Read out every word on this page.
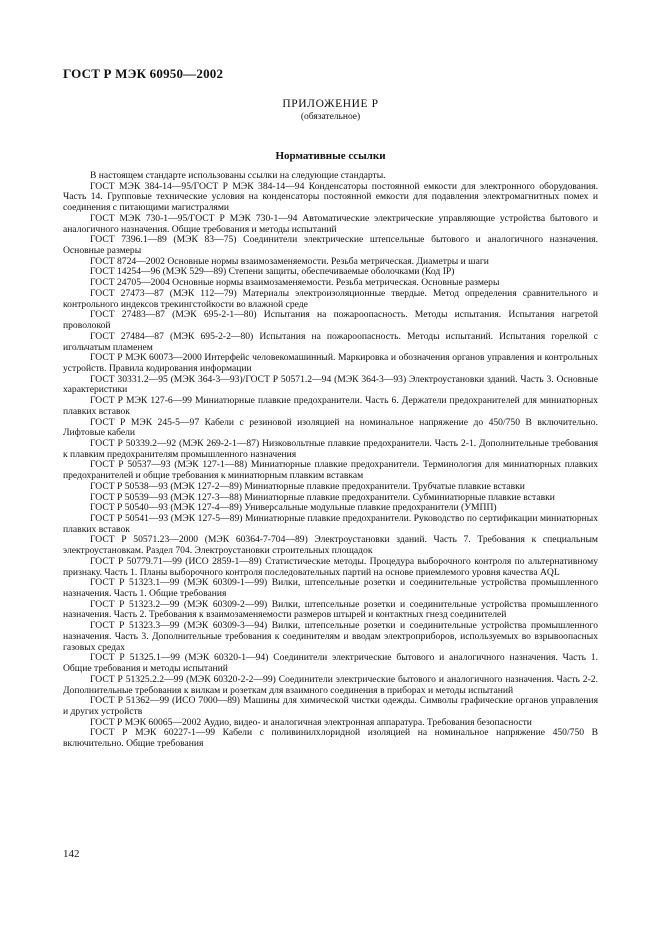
ГОСТ Р МЭК 60950—2002
ПРИЛОЖЕНИЕ Р
(обязательное)
Нормативные ссылки

В настоящем стандарте использованы ссылки на следующие стандарты.

ГОСТ МЭК 384-14—95/ГОСТ Р МЭК 384-14—94 Конденсаторы постоянной емкости для электронного оборудования. Часть 14. Групповые технические условия на конденсаторы постоянной емкости для подавления электромагнитных помех и соединения с питающими магистралями

ГОСТ МЭК 730-1—95/ГОСТ Р МЭК 730-1—94 Автоматические электрические управляющие устройства бытового и аналогичного назначения. Общие требования и методы испытаний

ГОСТ 7396.1—89 (МЭК 83—75) Соединители электрические штепсельные бытового и аналогичного назначения. Основные размеры

ГОСТ 8724—2002 Основные нормы взаимозаменяемости. Резьба метрическая. Диаметры и шаги

ГОСТ 14254—96 (МЭК 529—89) Степени защиты, обеспечиваемые оболочками (Код IP)

ГОСТ 24705—2004 Основные нормы взаимозаменяемости. Резьба метрическая. Основные размеры

ГОСТ 27473—87 (МЭК 112—79) Материалы электроизоляционные твердые. Метод определения сравнительного и контрольного индексов трекингстойкости во влажной среде

ГОСТ 27483—87 (МЭК 695-2-1—80) Испытания на пожароопасность. Методы испытания. Испытания нагретой проволокой

ГОСТ 27484—87 (МЭК 695-2-2—80) Испытания на пожароопасность. Методы испытаний. Испытания горелкой с игольчатым пламенем

ГОСТ Р МЭК 60073—2000 Интерфейс человекомашинный. Маркировка и обозначения органов управления и контрольных устройств. Правила кодирования информации

ГОСТ 30331.2—95 (МЭК 364-3—93)/ГОСТ Р 50571.2—94 (МЭК 364-3—93) Электроустановки зданий. Часть 3. Основные характеристики

ГОСТ Р МЭК 127-6—99 Миниатюрные плавкие предохранители. Часть 6. Держатели предохранителей для миниатюрных плавких вставок

ГОСТ Р МЭК 245-5—97 Кабели с резиновой изоляцией на номинальное напряжение до 450/750 В включительно. Лифтовые кабели

ГОСТ Р 50339.2—92 (МЭК 269-2-1—87) Низковольтные плавкие предохранители. Часть 2-1. Дополнительные требования к плавким предохранителям промышленного назначения

ГОСТ Р 50537—93 (МЭК 127-1—88) Миниатюрные плавкие предохранители. Терминология для миниатюрных плавких предохранителей и общие требования к миниатюрным плавким вставкам

ГОСТ Р 50538—93 (МЭК 127-2—89) Миниатюрные плавкие предохранители. Трубчатые плавкие вставки

ГОСТ Р 50539—93 (МЭК 127-3—88) Миниатюрные плавкие предохранители. Субминиатюрные плавкие вставки

ГОСТ Р 50540—93 (МЭК 127-4—89) Универсальные модульные плавкие предохранители (УМПП)

ГОСТ Р 50541—93 (МЭК 127-5—89) Миниатюрные плавкие предохранители. Руководство по сертификации миниатюрных плавких вставок

ГОСТ Р 50571.23—2000 (МЭК 60364-7-704—89) Электроустановки зданий. Часть 7. Требования к специальным электроустановкам. Раздел 704. Электроустановки строительных площадок

ГОСТ Р 50779.71—99 (ИСО 2859-1—89) Статистические методы. Процедура выборочного контроля по альтернативному признаку. Часть 1. Планы выборочного контроля последовательных партий на основе приемлемого уровня качества AQL

ГОСТ Р 51323.1—99 (МЭК 60309-1—99) Вилки, штепсельные розетки и соединительные устройства промышленного назначения. Часть 1. Общие требования

ГОСТ Р 51323.2—99 (МЭК 60309-2—99) Вилки, штепсельные розетки и соединительные устройства промышленного назначения. Часть 2. Требования к взаимозаменяемости размеров штырей и контактных гнезд соединителей

ГОСТ Р 51323.3—99 (МЭК 60309-3—94) Вилки, штепсельные розетки и соединительные устройства промышленного назначения. Часть 3. Дополнительные требования к соединителям и вводам электроприборов, используемых во взрывоопасных газовых средах

ГОСТ Р 51325.1—99 (МЭК 60320-1—94) Соединители электрические бытового и аналогичного назначения. Часть 1. Общие требования и методы испытаний

ГОСТ Р 51325.2.2—99 (МЭК 60320-2-2—99) Соединители электрические бытового и аналогичного назначения. Часть 2-2. Дополнительные требования к вилкам и розеткам для взаимного соединения в приборах и методы испытаний

ГОСТ Р 51362—99 (ИСО 7000—89) Машины для химической чистки одежды. Символы графические органов управления и других устройств

ГОСТ Р МЭК 60065—2002 Аудио, видео- и аналогичная электронная аппаратура. Требования безопасности

ГОСТ Р МЭК 60227-1—99 Кабели с поливинилхлоридной изоляцией на номинальное напряжение 450/750 В включительно. Общие требования

142
